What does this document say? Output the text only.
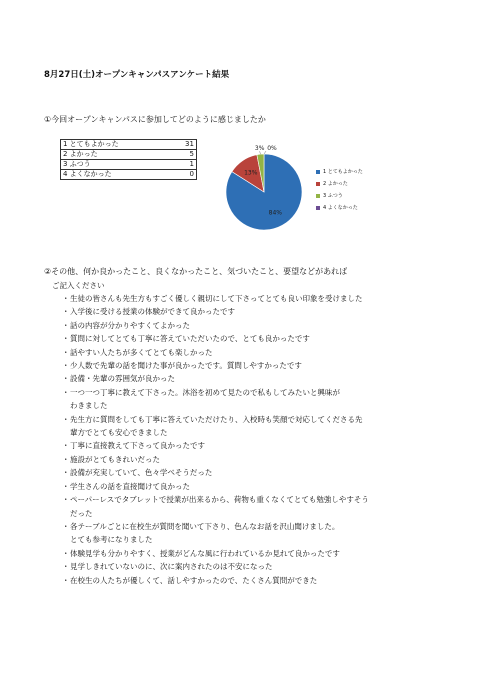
8月27日(土)オープンキャンパスアンケート結果
①今回オープンキャンパスに参加してどのように感じましたか
1 とてもよかった	31
2 よかった	5
3 ふつう	1
4 よくなかった	0
84%
13%
3% 0%
1 とてもよかった
2 よかった
3 ふつう
4 よくなかった
②その他、何か良かったこと、良くなかったこと、気づいたこと、要望などがあれば
ご記入ください
・ 生徒の皆さんも先生方もすごく優しく親切にして下さってとても良い印象を受けました
・ 入学後に受ける授業の体験ができて良かったです
・ 話の内容が分かりやすくてよかった
・ 質問に対してとても丁寧に答えていただいたので、とても良かったです
・ 話やすい人たちが多くてとても楽しかった
・ 少人数で先輩の話を聞けた事が良かったです。質問しやすかったです
・ 設備・先輩の雰囲気が良かった
・ 一つ一つ丁寧に教えて下さった。沐浴を初めて見たので私もしてみたいと興味が
わきました
・ 先生方に質問をしても丁寧に答えていただけたり、入校時も笑顔で対応してくださる先
輩方でとても安心できました
・ 丁寧に直接教えて下さって良かったです
・ 施設がとてもきれいだった
・ 設備が充実していて、色々学べそうだった
・ 学生さんの話を直接聞けて良かった
・ ペーパーレスでタブレットで授業が出来るから、荷物も重くなくてとても勉強しやすそう
だった
・ 各テーブルごとに在校生が質問を聞いて下さり、色んなお話を沢山聞けました。
とても参考になりました
・ 体験見学も分かりやすく、授業がどんな風に行われているか見れて良かったです
・ 見学しきれていないのに、次に案内されたのは不安になった
・ 在校生の人たちが優しくて、話しやすかったので、たくさん質問ができた
